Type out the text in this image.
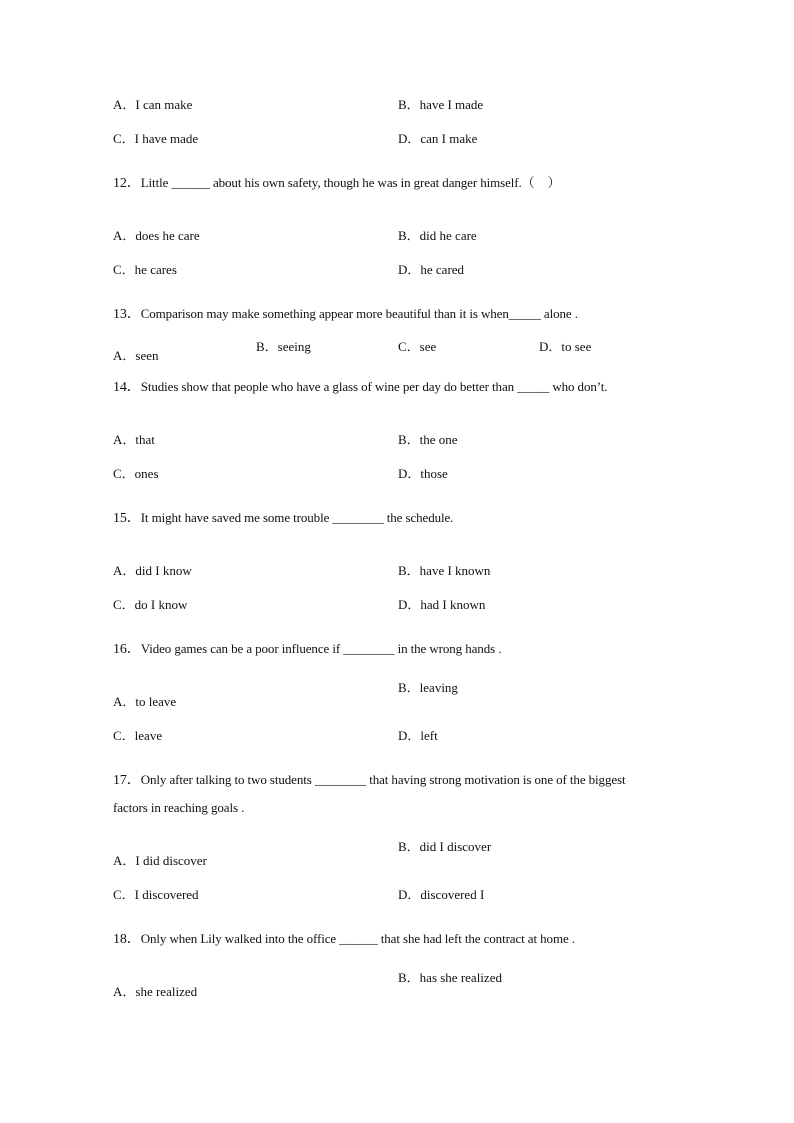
A．I can make	B．have I made
C．I have made	D．can I make
12．Little ______ about his own safety, though he was in great danger himself.（　）
A．does he care	B．did he care
C．he cares	D．he cared
13．Comparison may make something appear more beautiful than it is when_____ alone .
A．seen
B．seeing	C．see	D．to see
14．Studies show that people who have a glass of wine per day do better than _____ who don’t.
A．that	B．the one
C．ones	D．those
15．It might have saved me some trouble ________ the schedule.
A．did I know	B．have I known
C．do I know	D．had I known
16．Video games can be a poor influence if ________ in the wrong hands .
A．to leave
B．leaving
C．leave	D．left
17．Only after talking to two students ________ that having strong motivation is one of the biggest
factors in reaching goals .
A．I did discover
B．did I discover
C．I discovered	D．discovered I
18．Only when Lily walked into the office ______ that she had left the contract at home .
A．she realized
B．has she realized
